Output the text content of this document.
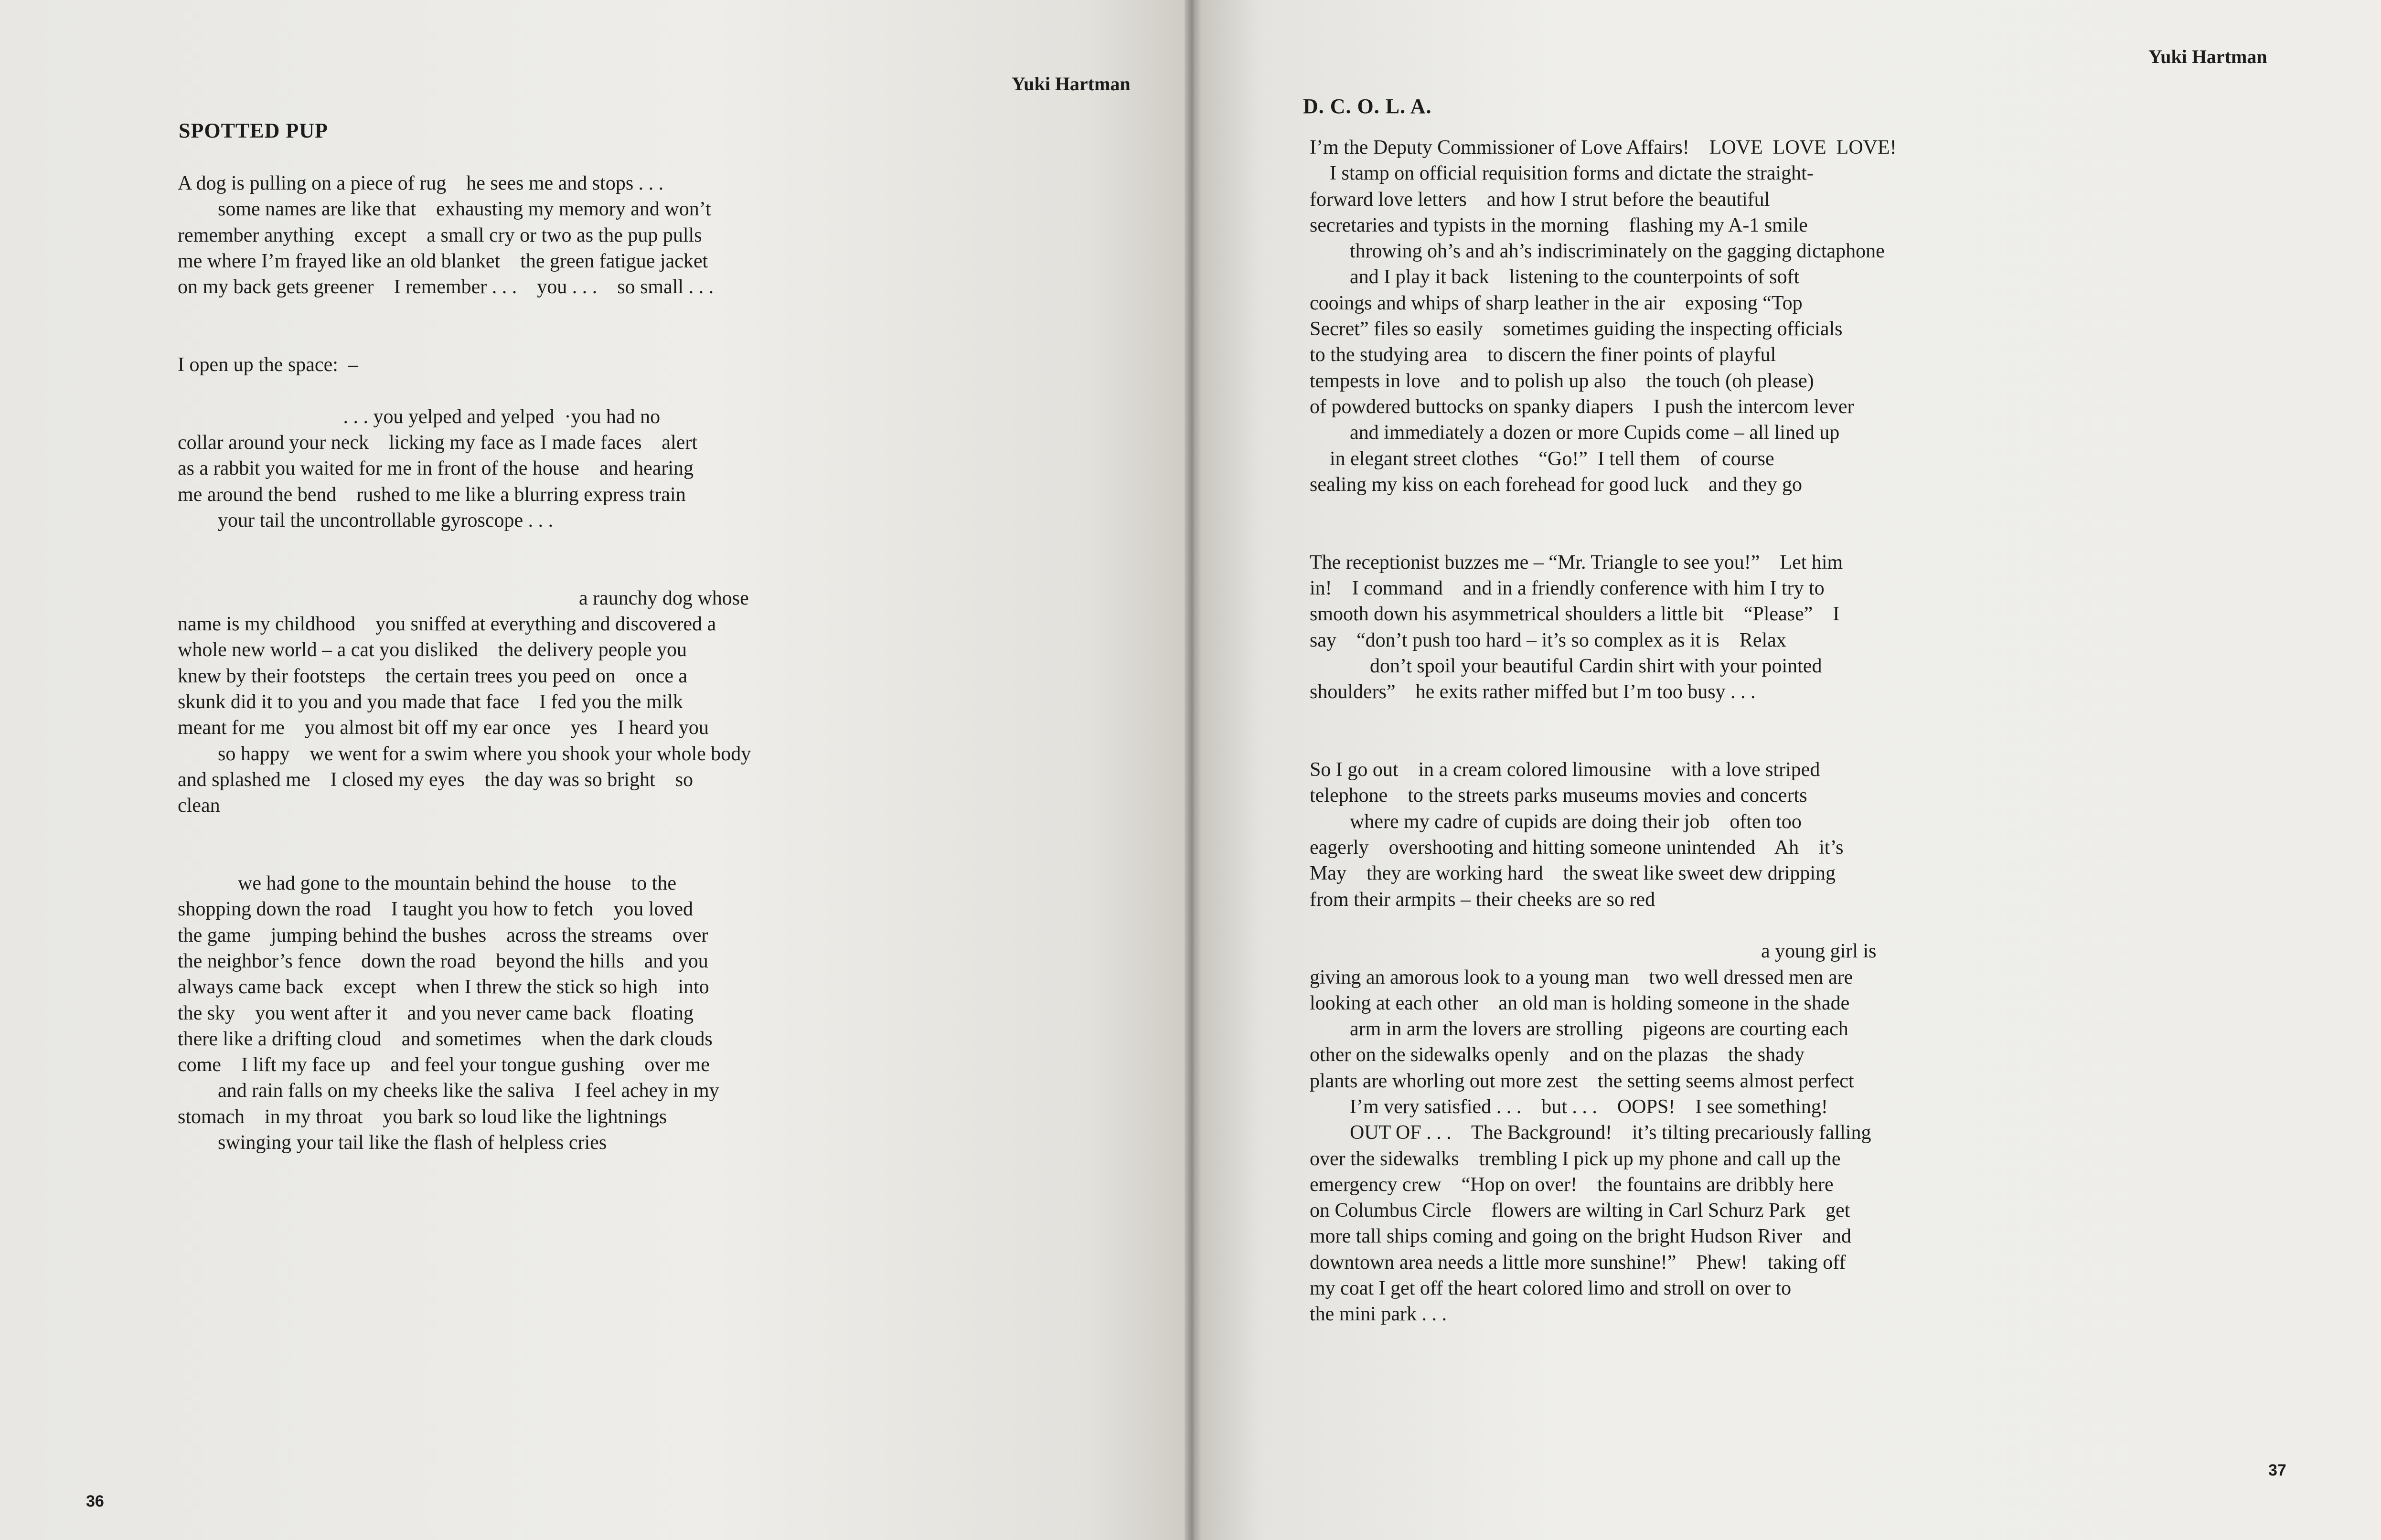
Yuki Hartman
SPOTTED PUP
A dog is pulling on a piece of rug    he sees me and stops . . .
some names are like that    exhausting my memory and won’t
remember anything    except    a small cry or two as the pup pulls
me where I’m frayed like an old blanket    the green fatigue jacket
on my back gets greener    I remember . . .    you . . .    so small . . .
I open up the space:  –
. . . you yelped and yelped  ·you had no
collar around your neck    licking my face as I made faces    alert
as a rabbit you waited for me in front of the house    and hearing
me around the bend    rushed to me like a blurring express train
your tail the uncontrollable gyroscope . . .
a raunchy dog whose
name is my childhood    you sniffed at everything and discovered a
whole new world – a cat you disliked    the delivery people you
knew by their footsteps    the certain trees you peed on    once a
skunk did it to you and you made that face    I fed you the milk
meant for me    you almost bit off my ear once    yes    I heard you
so happy    we went for a swim where you shook your whole body
and splashed me    I closed my eyes    the day was so bright    so
clean
we had gone to the mountain behind the house    to the
shopping down the road    I taught you how to fetch    you loved
the game    jumping behind the bushes    across the streams    over
the neighbor’s fence    down the road    beyond the hills    and you
always came back    except    when I threw the stick so high    into
the sky    you went after it    and you never came back    floating
there like a drifting cloud    and sometimes    when the dark clouds
come    I lift my face up    and feel your tongue gushing    over me
and rain falls on my cheeks like the saliva    I feel achey in my
stomach    in my throat    you bark so loud like the lightnings
swinging your tail like the flash of helpless cries
36
Yuki Hartman
D. C. O. L. A.
I’m the Deputy Commissioner of Love Affairs!    LOVE  LOVE  LOVE!
I stamp on official requisition forms and dictate the straight-
forward love letters    and how I strut before the beautiful
secretaries and typists in the morning    flashing my A-1 smile
throwing oh’s and ah’s indiscriminately on the gagging dictaphone
and I play it back    listening to the counterpoints of soft
cooings and whips of sharp leather in the air    exposing “Top
Secret” files so easily    sometimes guiding the inspecting officials
to the studying area    to discern the finer points of playful
tempests in love    and to polish up also    the touch (oh please)
of powdered buttocks on spanky diapers    I push the intercom lever
and immediately a dozen or more Cupids come – all lined up
in elegant street clothes    “Go!”  I tell them    of course
sealing my kiss on each forehead for good luck    and they go
The receptionist buzzes me – “Mr. Triangle to see you!”    Let him
in!    I command    and in a friendly conference with him I try to
smooth down his asymmetrical shoulders a little bit    “Please”    I
say    “don’t push too hard – it’s so complex as it is    Relax
don’t spoil your beautiful Cardin shirt with your pointed
shoulders”    he exits rather miffed but I’m too busy . . .
So I go out    in a cream colored limousine    with a love striped
telephone    to the streets parks museums movies and concerts
where my cadre of cupids are doing their job    often too
eagerly    overshooting and hitting someone unintended    Ah    it’s
May    they are working hard    the sweat like sweet dew dripping
from their armpits – their cheeks are so red
a young girl is
giving an amorous look to a young man    two well dressed men are
looking at each other    an old man is holding someone in the shade
arm in arm the lovers are strolling    pigeons are courting each
other on the sidewalks openly    and on the plazas    the shady
plants are whorling out more zest    the setting seems almost perfect
I’m very satisfied . . .    but . . .    OOPS!    I see something!
OUT OF . . .    The Background!    it’s tilting precariously falling
over the sidewalks    trembling I pick up my phone and call up the
emergency crew    “Hop on over!    the fountains are dribbly here
on Columbus Circle    flowers are wilting in Carl Schurz Park    get
more tall ships coming and going on the bright Hudson River    and
downtown area needs a little more sunshine!”    Phew!    taking off
my coat I get off the heart colored limo and stroll on over to
the mini park . . .
37
